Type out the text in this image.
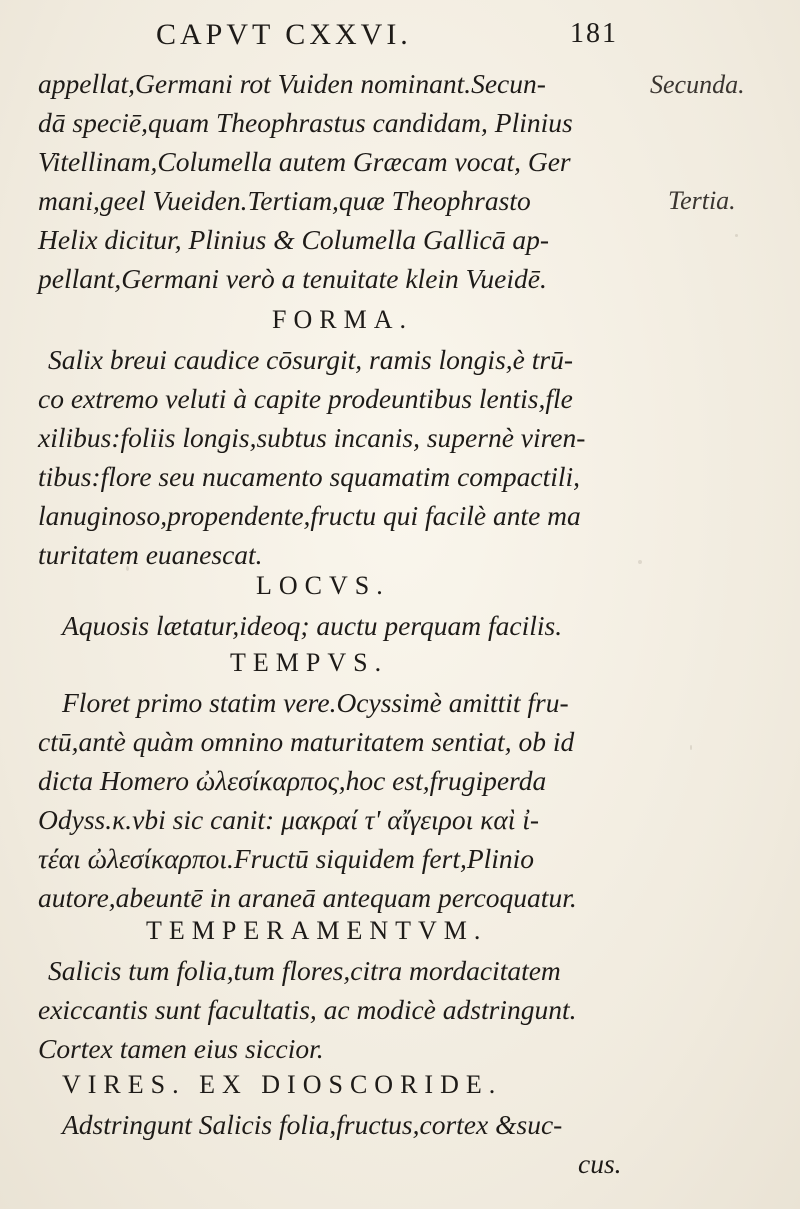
CAPVT CXXVI.	181
Secunda.
Tertia.
appellat,Germani rot Vuiden nominant.Secun-
dā speciē,quam Theophrastus candidam, Plinius
Vitellinam,Columella autem Græcam vocat, Ger
mani,geel Vueiden.Tertiam,quæ Theophrasto
Helix dicitur, Plinius & Columella Gallicā ap-
pellant,Germani verò a tenuitate klein Vueidē.
FORMA.
Salix breui caudice cōsurgit, ramis longis,è trū-
co extremo veluti à capite prodeuntibus lentis,fle
xilibus:foliis longis,subtus incanis, supernè viren-
tibus:flore seu nucamento squamatim compactili,
lanuginoso,propendente,fructu qui facilè ante ma
turitatem euanescat.
LOCVS.
Aquosis lætatur,ideoq; auctu perquam facilis.
TEMPVS.
Floret primo statim vere.Ocyssimè amittit fru-
ctū,antè quàm omnino maturitatem sentiat, ob id
dicta Homero ὠλεσίκαρπος,hoc est,frugiperda
Odyss.κ.vbi sic canit: μακραί τ' αἴγειροι καὶ ἰ-
τέαι ὠλεσίκαρποι.Fructū siquidem fert,Plinio
autore,abeuntē in araneā antequam percoquatur.
TEMPERAMENTVM.
Salicis tum folia,tum flores,citra mordacitatem
exiccantis sunt facultatis, ac modicè adstringunt.
Cortex tamen eius siccior.
VIRES. EX DIOSCORIDE.
Adstringunt Salicis folia,fructus,cortex &suc-
cus.
